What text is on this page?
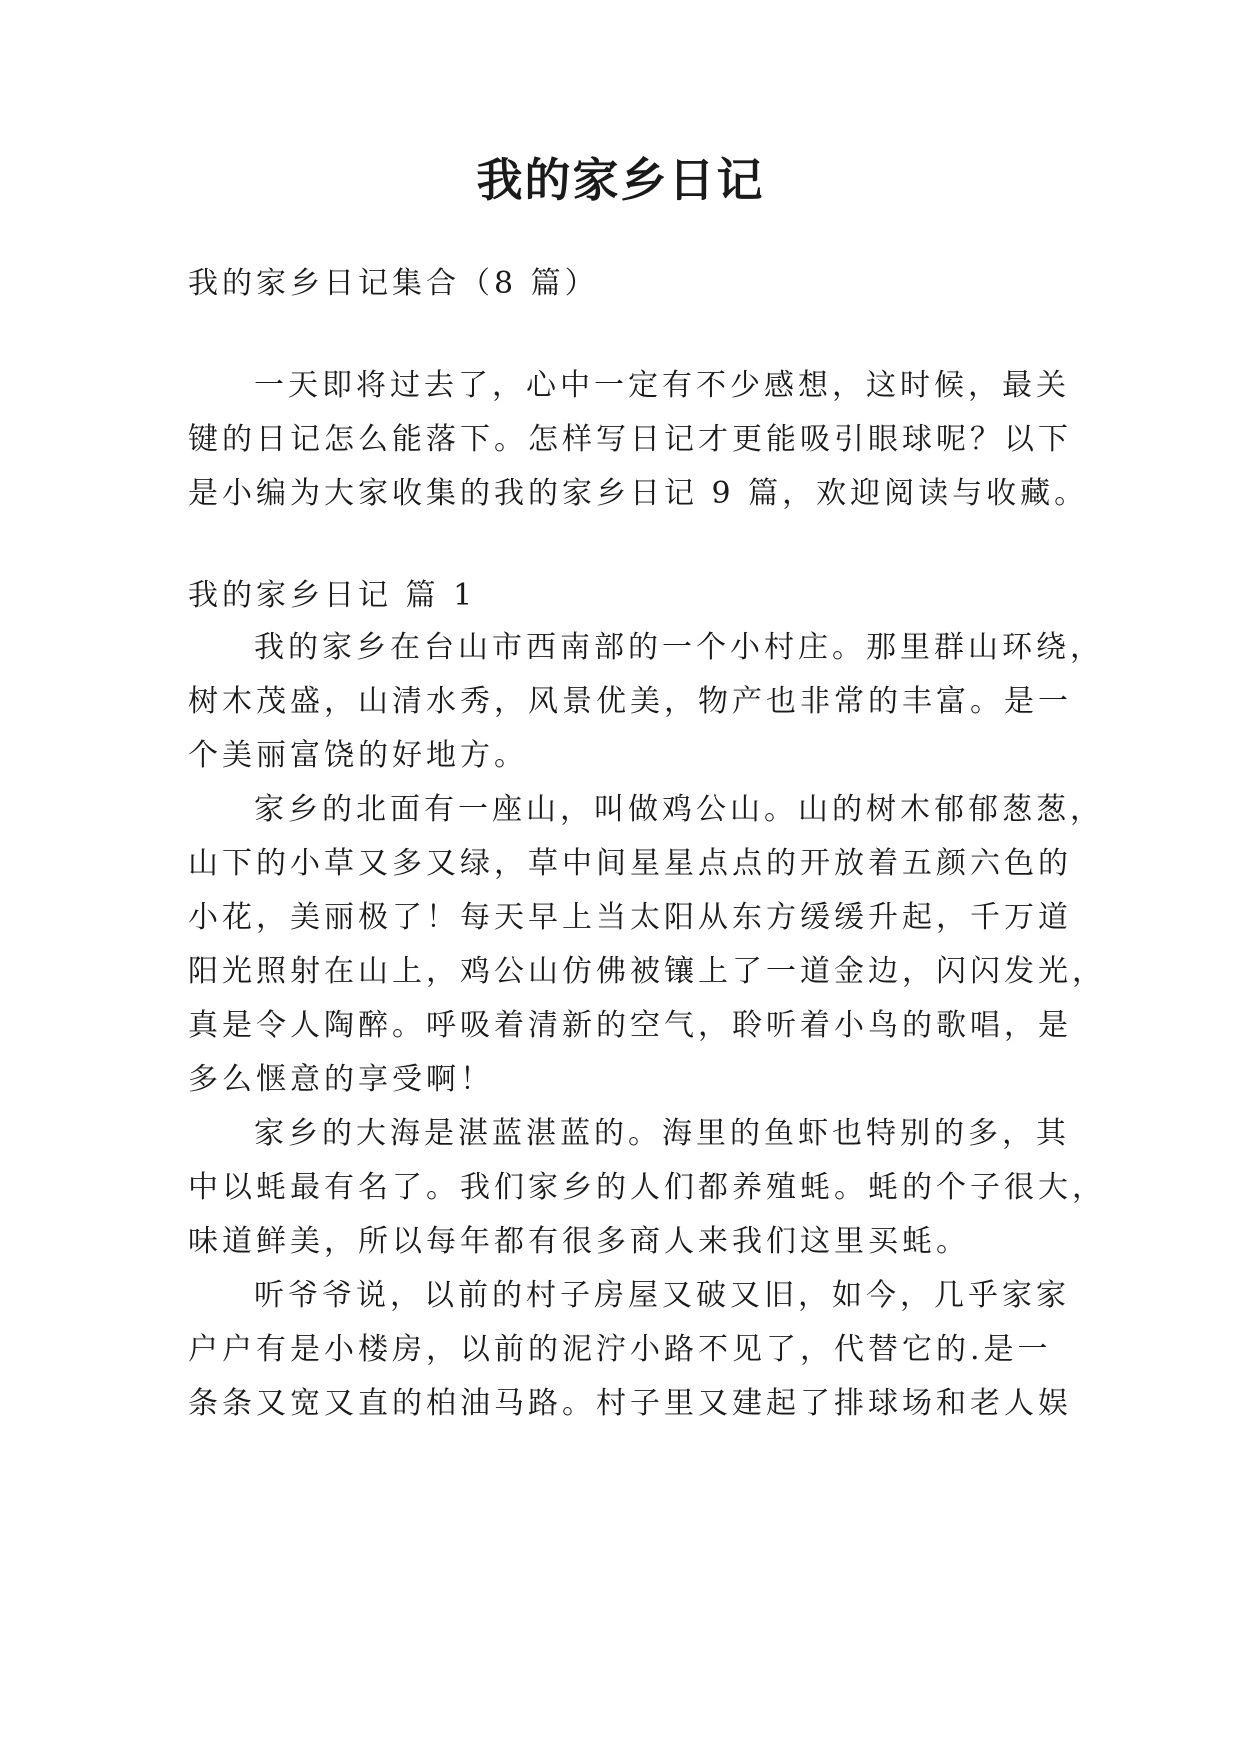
我的家乡日记
我的家乡日记集合（8 篇）
一天即将过去了，心中一定有不少感想，这时候，最关
键的日记怎么能落下。怎样写日记才更能吸引眼球呢？以下
是小编为大家收集的我的家乡日记 9 篇，欢迎阅读与收藏。
我的家乡日记 篇 1
我的家乡在台山市西南部的一个小村庄。那里群山环绕，
树木茂盛，山清水秀，风景优美，物产也非常的丰富。是一
个美丽富饶的好地方。
家乡的北面有一座山，叫做鸡公山。山的树木郁郁葱葱，
山下的小草又多又绿，草中间星星点点的开放着五颜六色的
小花，美丽极了！每天早上当太阳从东方缓缓升起，千万道
阳光照射在山上，鸡公山仿佛被镶上了一道金边，闪闪发光，
真是令人陶醉。呼吸着清新的空气，聆听着小鸟的歌唱，是
多么惬意的享受啊！
家乡的大海是湛蓝湛蓝的。海里的鱼虾也特别的多，其
中以蚝最有名了。我们家乡的人们都养殖蚝。蚝的个子很大，
味道鲜美，所以每年都有很多商人来我们这里买蚝。
听爷爷说，以前的村子房屋又破又旧，如今，几乎家家
户户有是小楼房，以前的泥泞小路不见了，代替它的.是一
条条又宽又直的柏油马路。村子里又建起了排球场和老人娱
